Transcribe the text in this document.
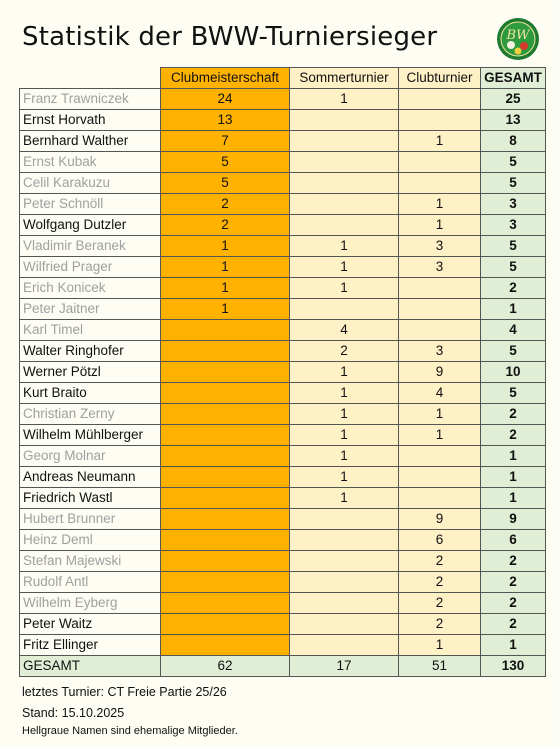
Statistik der BWW-Turniersieger	BW
	Clubmeisterschaft	Sommerturnier	Clubturnier	GESAMT
Franz Trawniczek	24	1		25
Ernst Horvath	13			13
Bernhard Walther	7		1	8
Ernst Kubak	5			5
Celil Karakuzu	5			5
Peter Schnöll	2		1	3
Wolfgang Dutzler	2		1	3
Vladimir Beranek	1	1	3	5
Wilfried Prager	1	1	3	5
Erich Konicek	1	1		2
Peter Jaitner	1			1
Karl Timel		4		4
Walter Ringhofer		2	3	5
Werner Pötzl		1	9	10
Kurt Braito		1	4	5
Christian Zerny		1	1	2
Wilhelm Mühlberger		1	1	2
Georg Molnar		1		1
Andreas Neumann		1		1
Friedrich Wastl		1		1
Hubert Brunner			9	9
Heinz Deml			6	6
Stefan Majewski			2	2
Rudolf Antl			2	2
Wilhelm Eyberg			2	2
Peter Waitz			2	2
Fritz Ellinger			1	1
GESAMT	62	17	51	130
letztes Turnier: CT Freie Partie 25/26
Stand: 15.10.2025
Hellgraue Namen sind ehemalige Mitglieder.
